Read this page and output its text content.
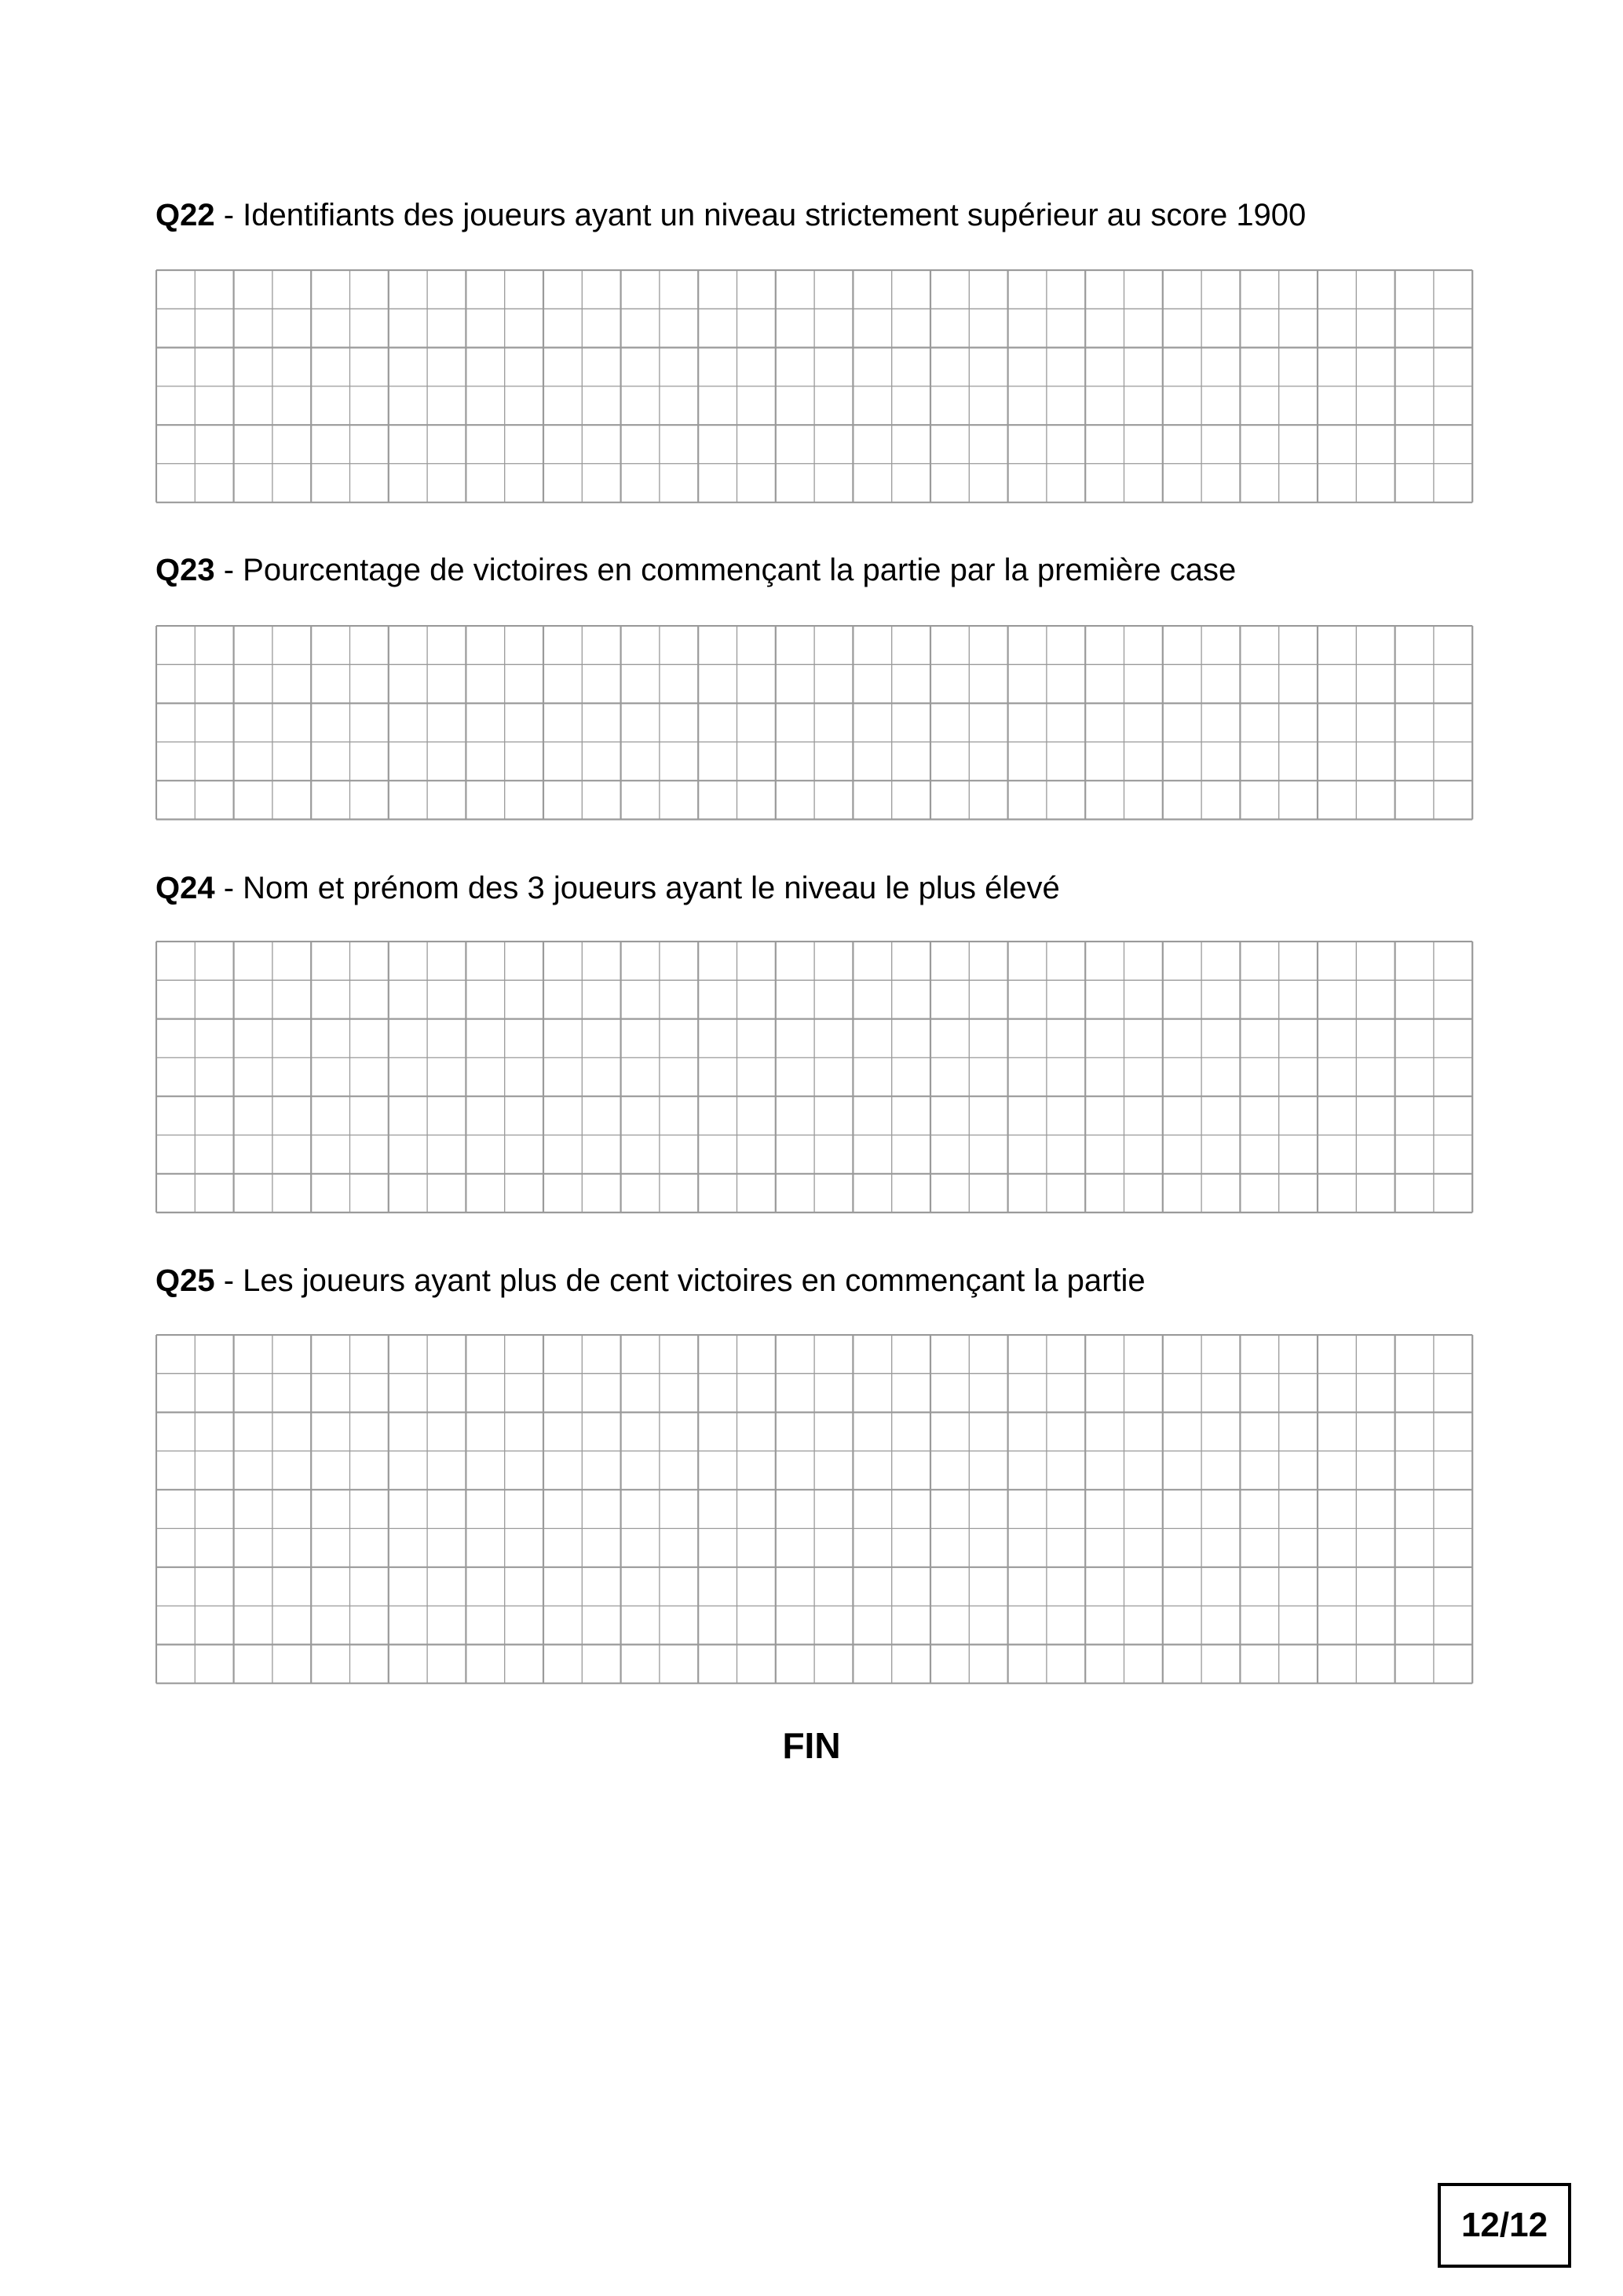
Q22 - Identifiants des joueurs ayant un niveau strictement supérieur au score 1900
Q23 - Pourcentage de victoires en commençant la partie par la première case
Q24 - Nom et prénom des 3 joueurs ayant le niveau le plus élevé
Q25 - Les joueurs ayant plus de cent victoires en commençant la partie
FIN
12/12
